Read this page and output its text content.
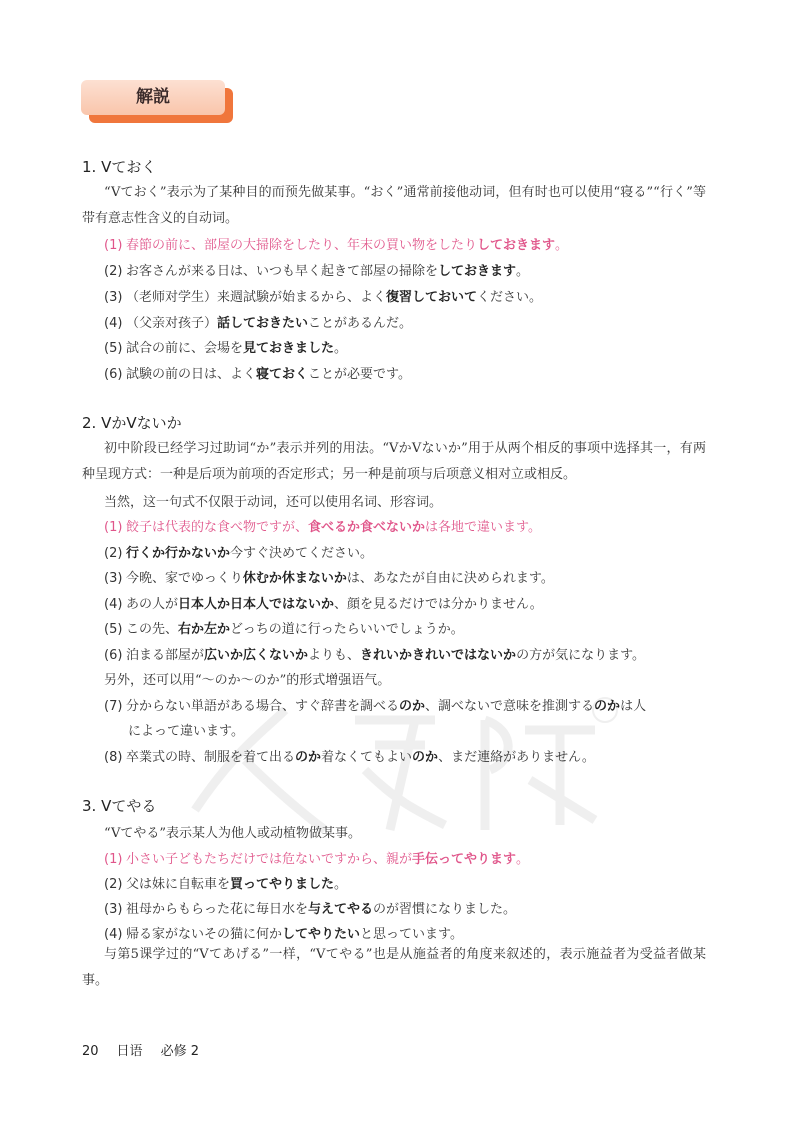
解説
1. Vておく
“Vておく”表示为了某种目的而预先做某事。“おく”通常前接他动词，但有时也可以使用“寝る”“行く”等带有意志性含义的自动词。
(1) 春節の前に、部屋の大掃除をしたり、年末の買い物をしたりしておきます。
(2) お客さんが来る日は、いつも早く起きて部屋の掃除をしておきます。
(3) （老师对学生）来週試験が始まるから、よく復習しておいてください。
(4) （父亲对孩子）話しておきたいことがあるんだ。
(5) 試合の前に、会場を見ておきました。
(6) 試験の前の日は、よく寝ておくことが必要です。
2. VかVないか
初中阶段已经学习过助词“か”表示并列的用法。“VかVないか”用于从两个相反的事项中选择其一，有两种呈现方式：一种是后项为前项的否定形式；另一种是前项与后项意义相对立或相反。
当然，这一句式不仅限于动词，还可以使用名词、形容词。
(1) 餃子は代表的な食べ物ですが、食べるか食べないかは各地で違います。
(2) 行くか行かないか今すぐ決めてください。
(3) 今晩、家でゆっくり休むか休まないかは、あなたが自由に決められます。
(4) あの人が日本人か日本人ではないか、顔を見るだけでは分かりません。
(5) この先、右か左かどっちの道に行ったらいいでしょうか。
(6) 泊まる部屋が広いか広くないかよりも、きれいかきれいではないかの方が気になります。
另外，还可以用“～のか～のか”的形式增强语气。
(7) 分からない単語がある場合、すぐ辞書を調べるのか、調べないで意味を推測するのかは人
によって違います。
(8) 卒業式の時、制服を着て出るのか着なくてもよいのか、まだ連絡がありません。
3. Vてやる
“Vてやる”表示某人为他人或动植物做某事。
(1) 小さい子どもたちだけでは危ないですから、親が手伝ってやります。
(2) 父は妹に自転車を買ってやりました。
(3) 祖母からもらった花に毎日水を与えてやるのが習慣になりました。
(4) 帰る家がないその猫に何かしてやりたいと思っています。
与第5课学过的“Vてあげる”一样，“Vてやる”也是从施益者的角度来叙述的，表示施益者为受益者做某事。
20 日语 必修 2
